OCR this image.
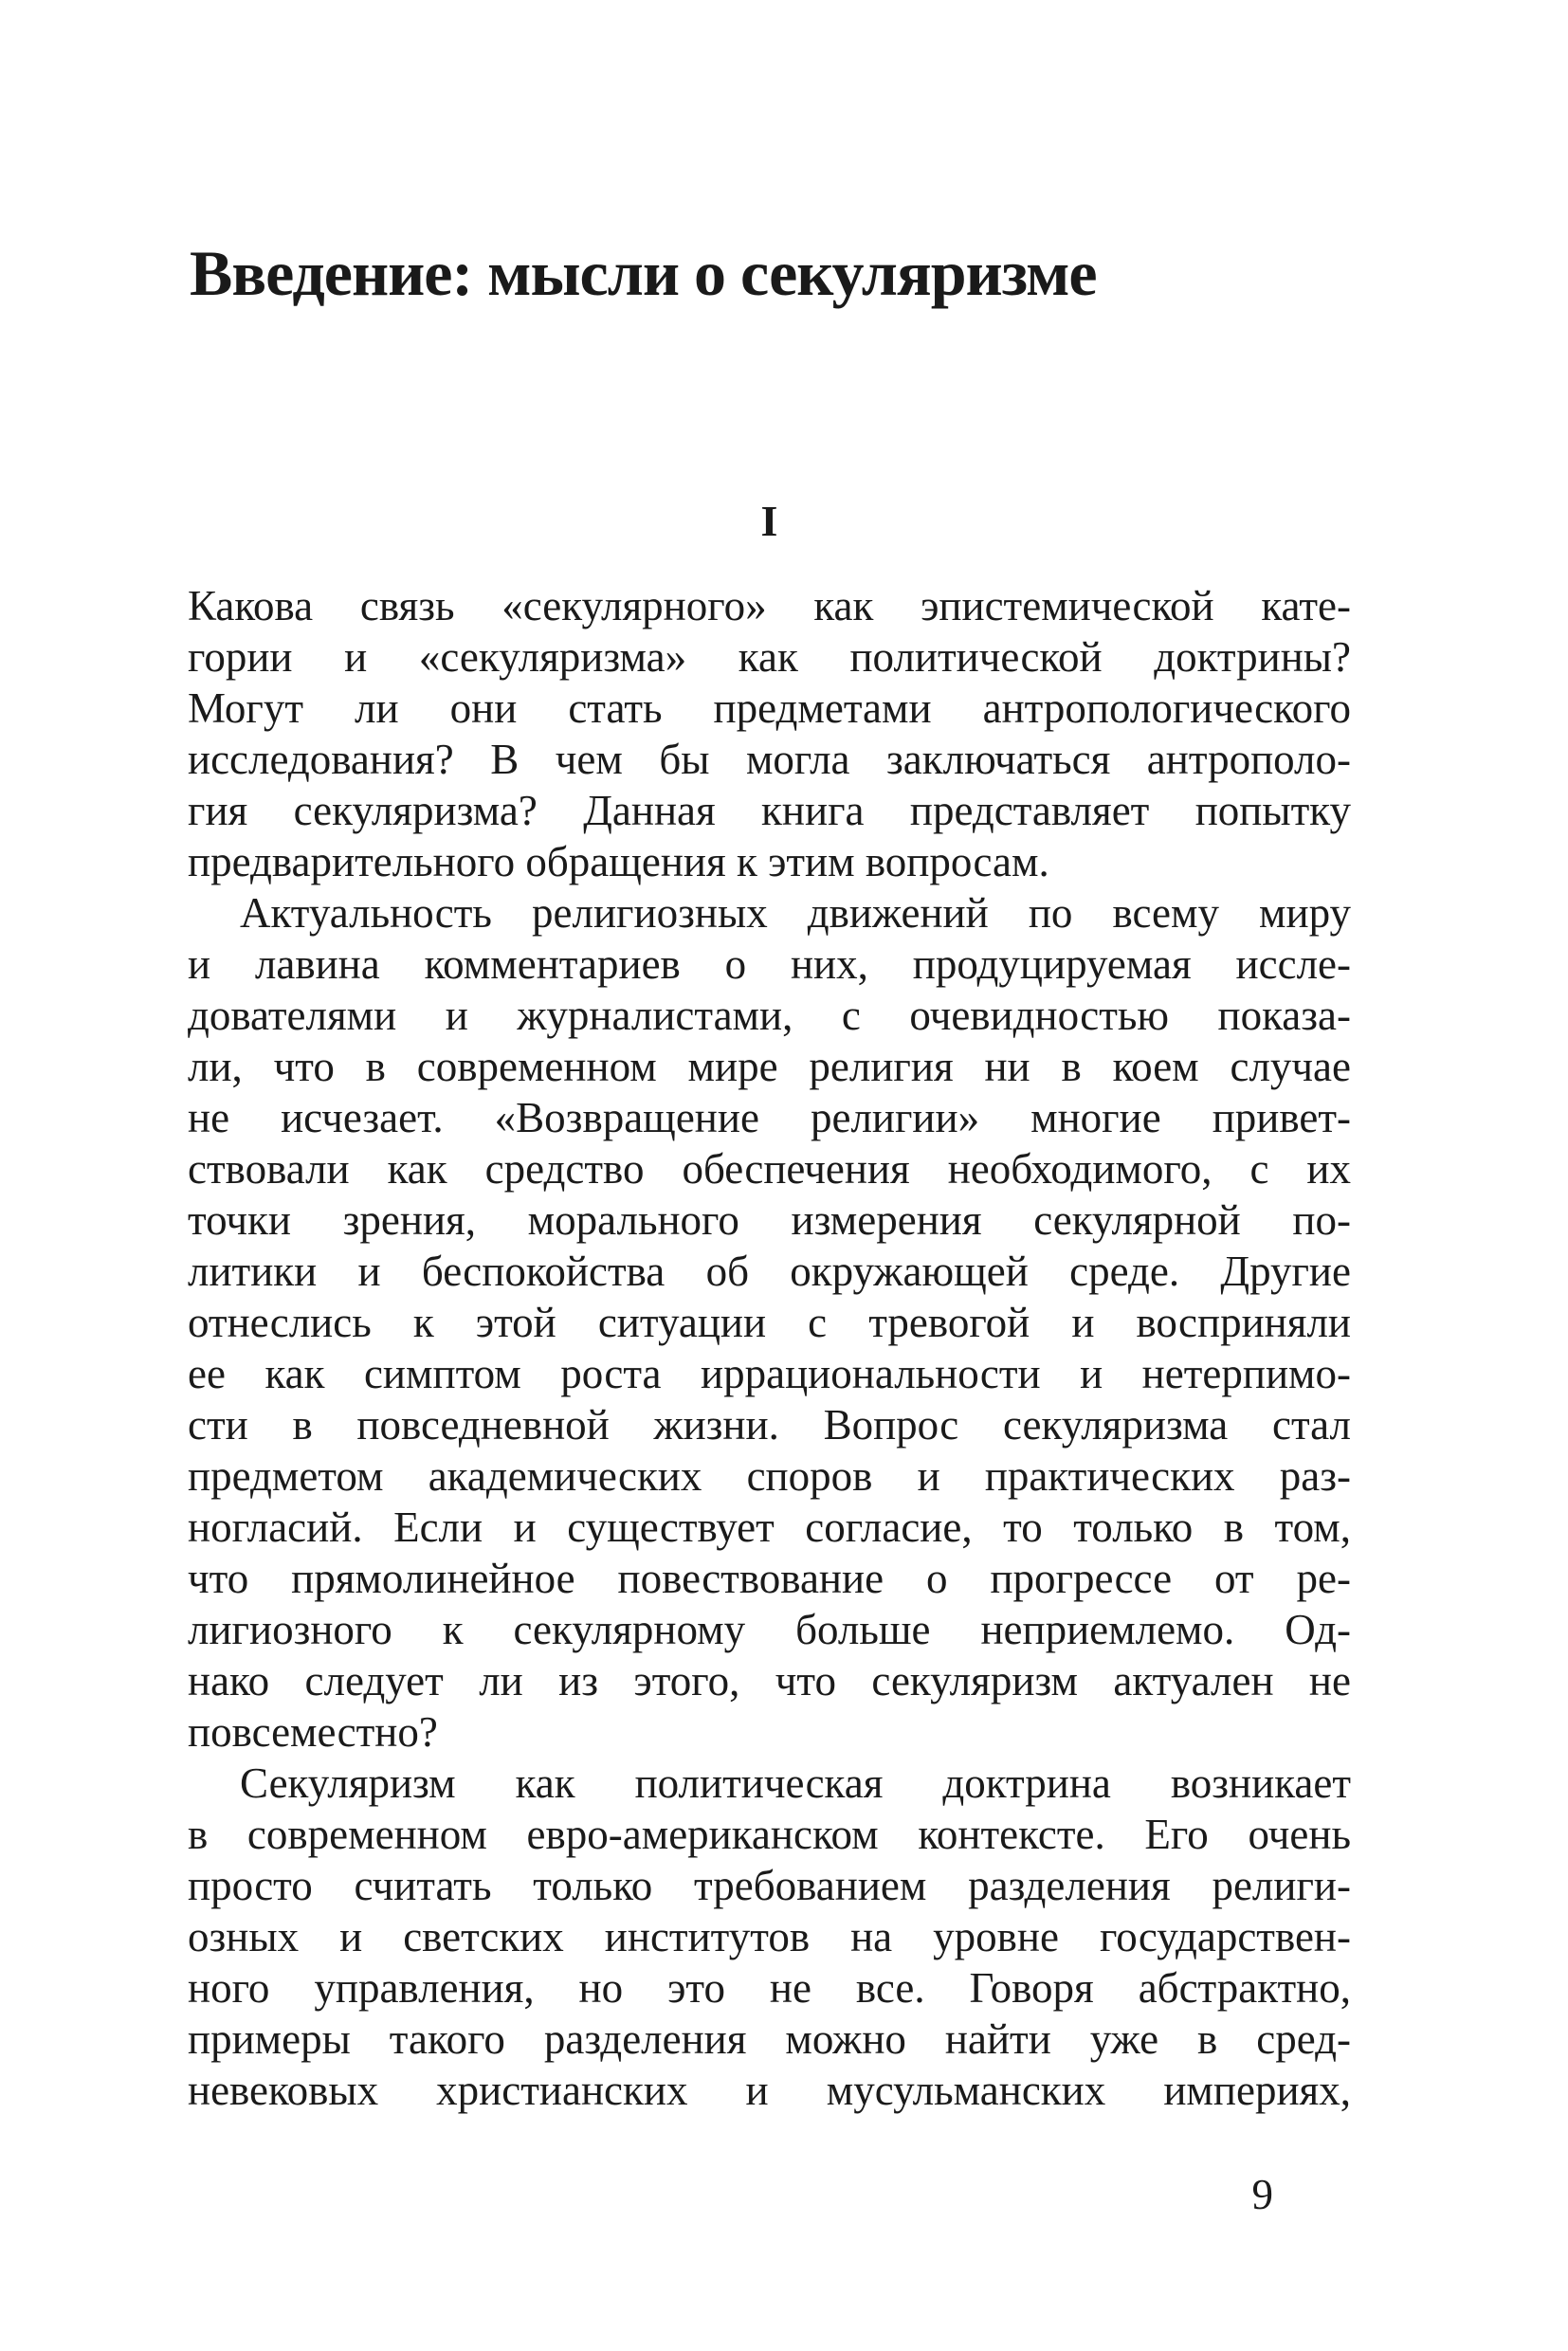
Введение: мысли о секуляризме
I
Какова связь «секулярного» как эпистемической кате-
гории и «секуляризма» как политической доктрины?
Могут ли они стать предметами антропологического
исследования? В чем бы могла заключаться антрополо-
гия секуляризма? Данная книга представляет попытку
предварительного обращения к этим вопросам.
Актуальность религиозных движений по всему миру
и лавина комментариев о них, продуцируемая иссле-
дователями и журналистами, с очевидностью показа-
ли, что в современном мире религия ни в коем случае
не исчезает. «Возвращение религии» многие привет-
ствовали как средство обеспечения необходимого, с их
точки зрения, морального измерения секулярной по-
литики и беспокойства об окружающей среде. Другие
отнеслись к этой ситуации с тревогой и восприняли
ее как симптом роста иррациональности и нетерпимо-
сти в повседневной жизни. Вопрос секуляризма стал
предметом академических споров и практических раз-
ногласий. Если и существует согласие, то только в том,
что прямолинейное повествование о прогрессе от ре-
лигиозного к секулярному больше неприемлемо. Од-
нако следует ли из этого, что секуляризм актуален не
повсеместно?
Секуляризм как политическая доктрина возникает
в современном евро-американском контексте. Его очень
просто считать только требованием разделения религи-
озных и светских институтов на уровне государствен-
ного управления, но это не все. Говоря абстрактно,
примеры такого разделения можно найти уже в сред-
невековых христианских и мусульманских империях,
9
